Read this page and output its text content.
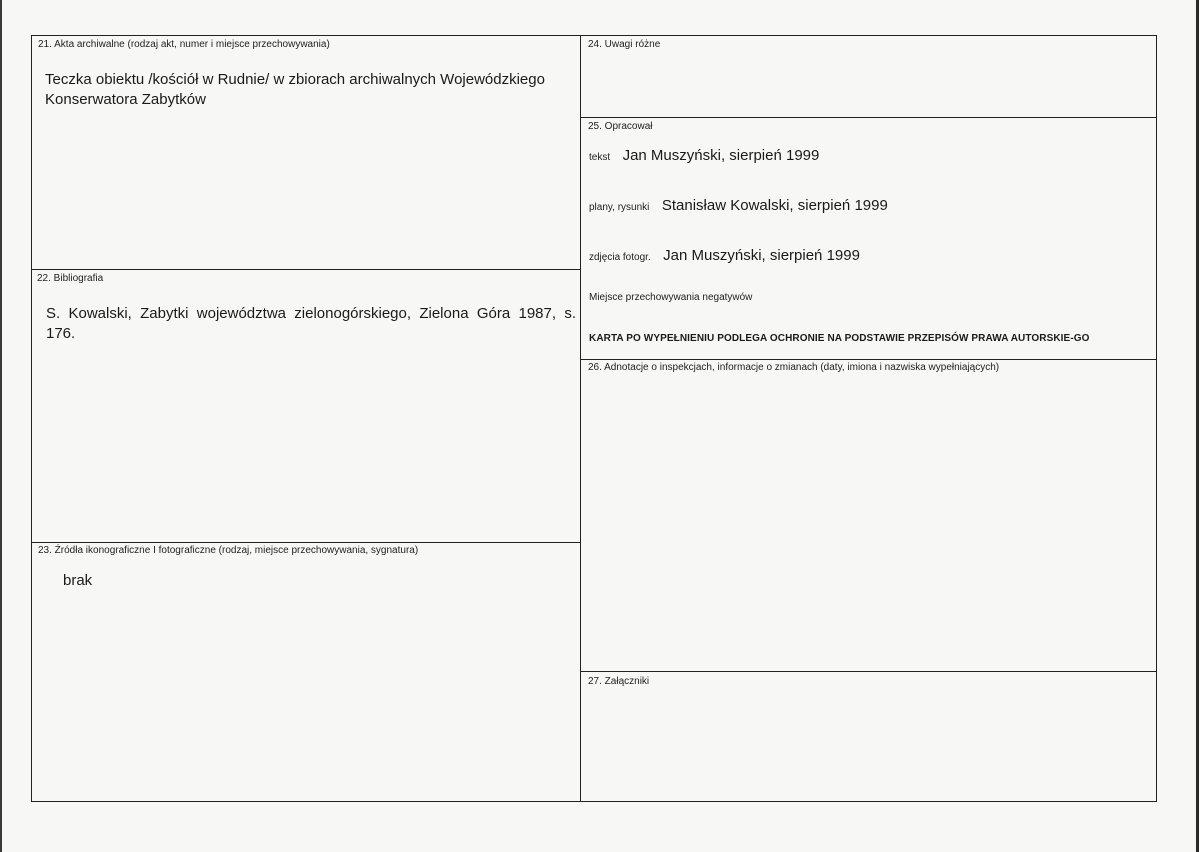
21. Akta archiwalne (rodzaj akt, numer i miejsce przechowywania)
Teczka obiektu /kościół w Rudnie/ w zbiorach archiwalnych Wojewódzkiego Konserwatora Zabytków
22. Bibliografia
S. Kowalski, Zabytki województwa zielonogórskiego, Zielona Góra 1987, s. 176.
23. Źródła ikonograficzne I fotograficzne (rodzaj, miejsce przechowywania, sygnatura)
brak
24. Uwagi różne
25. Opracował
tekst Jan Muszyński, sierpień 1999
plany, rysunki Stanisław Kowalski, sierpień 1999
zdjęcia fotogr. Jan Muszyński, sierpień 1999
Miejsce przechowywania negatywów
KARTA PO WYPEŁNIENIU PODLEGA OCHRONIE NA PODSTAWIE PRZEPISÓW PRAWA AUTORSKIE-GO
26. Adnotacje o inspekcjach, informacje o zmianach (daty, imiona i nazwiska wypełniających)
27. Załączniki
